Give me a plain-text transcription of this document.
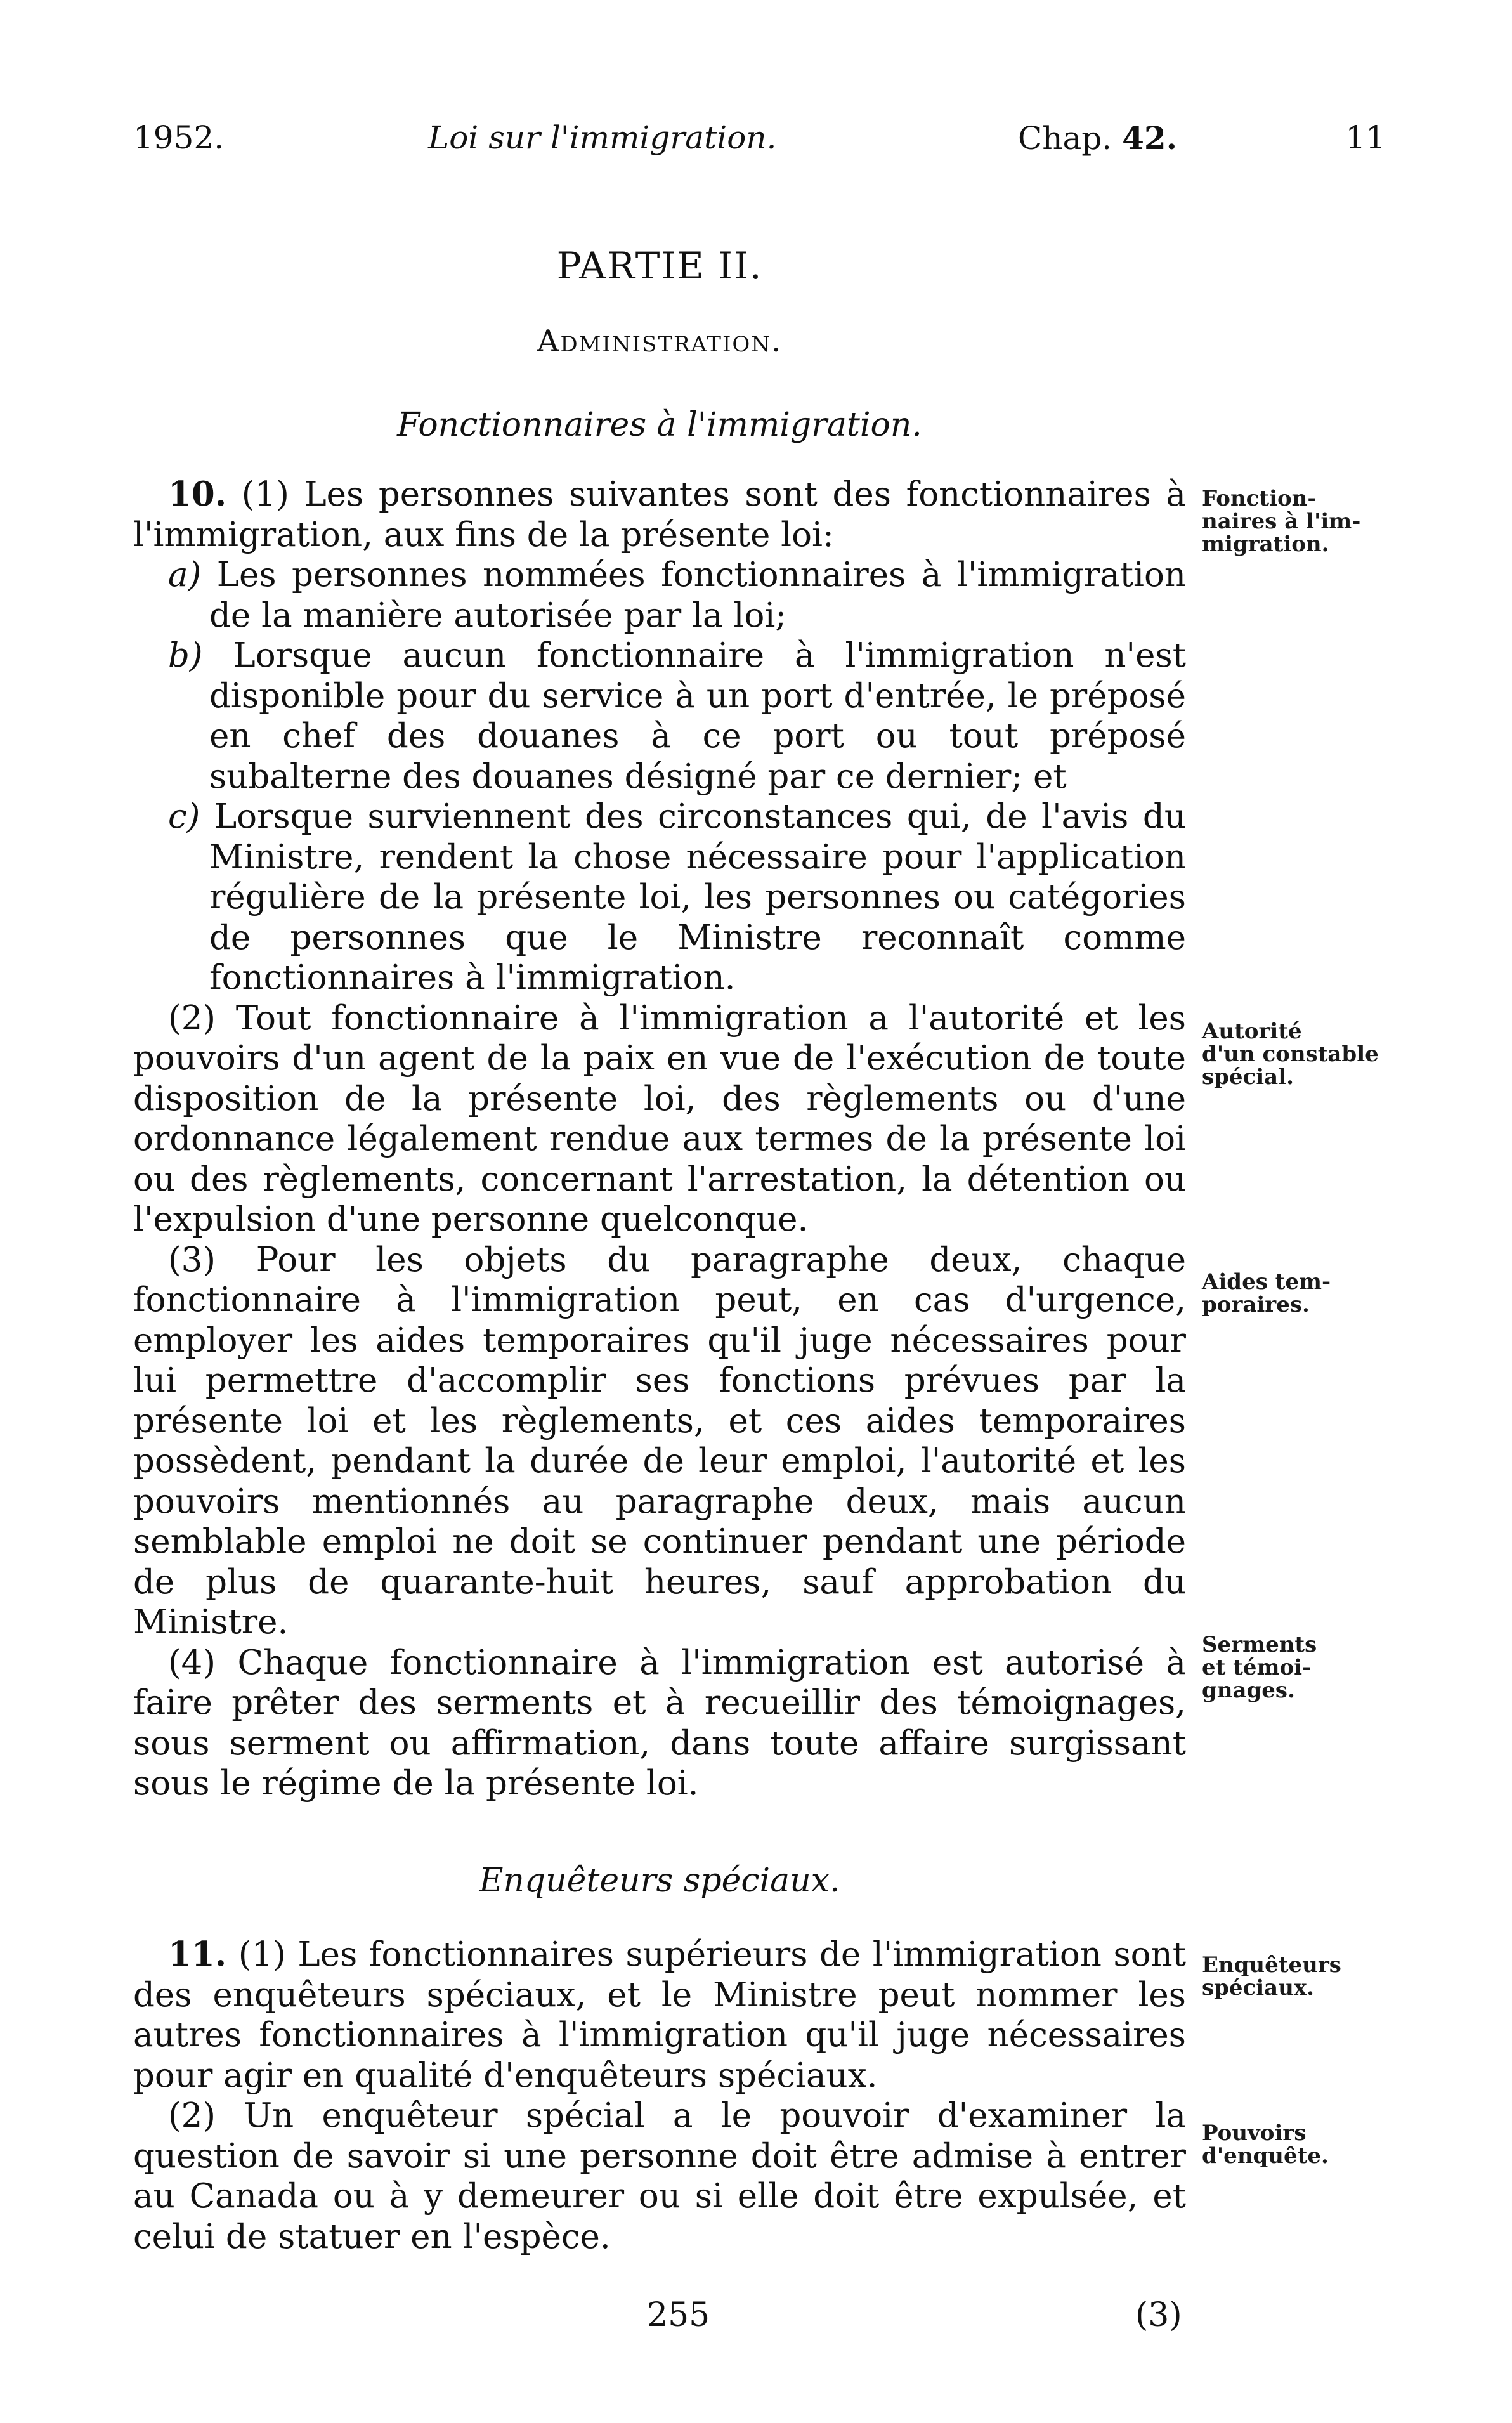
1952.	Loi sur l'immigration.	Chap. 42.	11
PARTIE II.
Administration.
Fonctionnaires à l'immigration.

10. (1) Les personnes suivantes sont des fonctionnaires à l'immigration, aux fins de la présente loi:

a) Les personnes nommées fonctionnaires à l'immigration de la manière autorisée par la loi;

b) Lorsque aucun fonctionnaire à l'immigration n'est disponible pour du service à un port d'entrée, le préposé en chef des douanes à ce port ou tout préposé subalterne des douanes désigné par ce dernier; et

c) Lorsque surviennent des circonstances qui, de l'avis du Ministre, rendent la chose nécessaire pour l'application régulière de la présente loi, les personnes ou catégories de personnes que le Ministre reconnaît comme fonctionnaires à l'immigration.

(2) Tout fonctionnaire à l'immigration a l'autorité et les pouvoirs d'un agent de la paix en vue de l'exécution de toute disposition de la présente loi, des règlements ou d'une ordonnance légalement rendue aux termes de la présente loi ou des règlements, concernant l'arrestation, la détention ou l'expulsion d'une personne quelconque.

(3) Pour les objets du paragraphe deux, chaque fonctionnaire à l'immigration peut, en cas d'urgence, employer les aides temporaires qu'il juge nécessaires pour lui permettre d'accomplir ses fonctions prévues par la présente loi et les règlements, et ces aides temporaires possèdent, pendant la durée de leur emploi, l'autorité et les pouvoirs mentionnés au paragraphe deux, mais aucun semblable emploi ne doit se continuer pendant une période de plus de quarante-huit heures, sauf approbation du Ministre.

(4) Chaque fonctionnaire à l'immigration est autorisé à faire prêter des serments et à recueillir des témoignages, sous serment ou affirmation, dans toute affaire surgissant sous le régime de la présente loi.

Enquêteurs spéciaux.

11. (1) Les fonctionnaires supérieurs de l'immigration sont des enquêteurs spéciaux, et le Ministre peut nommer les autres fonctionnaires à l'immigration qu'il juge nécessaires pour agir en qualité d'enquêteurs spéciaux.

(2) Un enquêteur spécial a le pouvoir d'examiner la question de savoir si une personne doit être admise à entrer au Canada ou à y demeurer ou si elle doit être expulsée, et celui de statuer en l'espèce.

Fonction-
naires à l'im-
migration.
Autorité
d'un constable
spécial.
Aides tem-
poraires.
Serments
et témoi-
gnages.
Enquêteurs
spéciaux.
Pouvoirs
d'enquête.
255	(3)
